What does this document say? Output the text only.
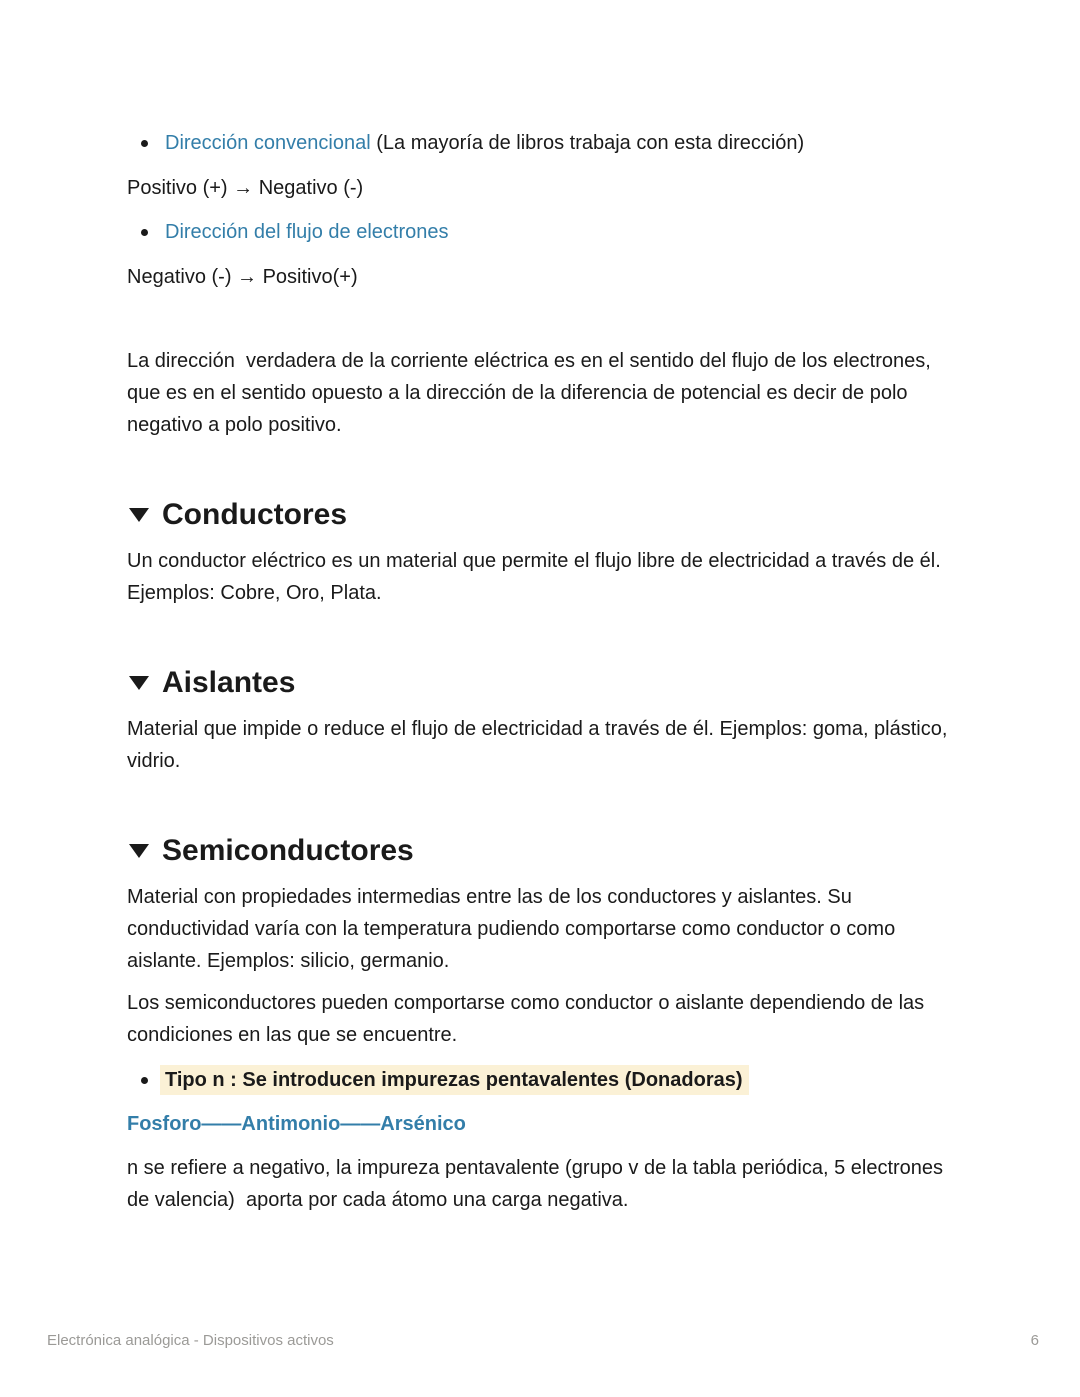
Dirección convencional (La mayoría de libros trabaja con esta dirección)

Positivo (+) → Negativo (-)

Dirección del flujo de electrones

Negativo (-) → Positivo(+)

La dirección  verdadera de la corriente eléctrica es en el sentido del flujo de los electrones, que es en el sentido opuesto a la dirección de la diferencia de potencial es decir de polo negativo a polo positivo.

Conductores

Un conductor eléctrico es un material que permite el flujo libre de electricidad a través de él. Ejemplos: Cobre, Oro, Plata.

Aislantes

Material que impide o reduce el flujo de electricidad a través de él. Ejemplos: goma, plástico, vidrio.

Semiconductores

Material con propiedades intermedias entre las de los conductores y aislantes. Su conductividad varía con la temperatura pudiendo comportarse como conductor o como aislante. Ejemplos: silicio, germanio.

Los semiconductores pueden comportarse como conductor o aislante dependiendo de las condiciones en las que se encuentre.

Tipo n : Se introducen impurezas pentavalentes (Donadoras)

Fosforo——Antimonio——Arsénico

n se refiere a negativo, la impureza pentavalente (grupo v de la tabla periódica, 5 electrones de valencia)  aporta por cada átomo una carga negativa.

Electrónica analógica - Dispositivos activos	6
